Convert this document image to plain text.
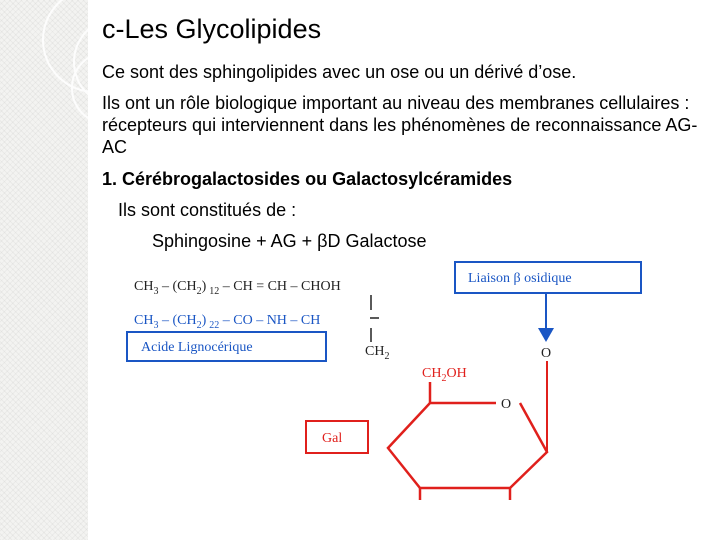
c-Les Glycolipides
Ce sont des sphingolipides avec un ose ou un dérivé d’ose.
Ils ont un rôle biologique important au niveau des membranes cellulaires : récepteurs qui interviennent dans les phénomènes de reconnaissance AG-AC
1. Cérébrogalactosides ou Galactosylcéramides
Ils sont constitués de :
Sphingosine + AG + βD Galactose
$CH_3 - (CH_2)$ $_{12}$ – CH = CH – CHOH
$CH_3 - (CH_2)$ $_{22}$ – CO – NH – CH
Acide Lignocérique	$CH_2$
Liaison β osidique
O
$CH_2OH$
O
Gal
